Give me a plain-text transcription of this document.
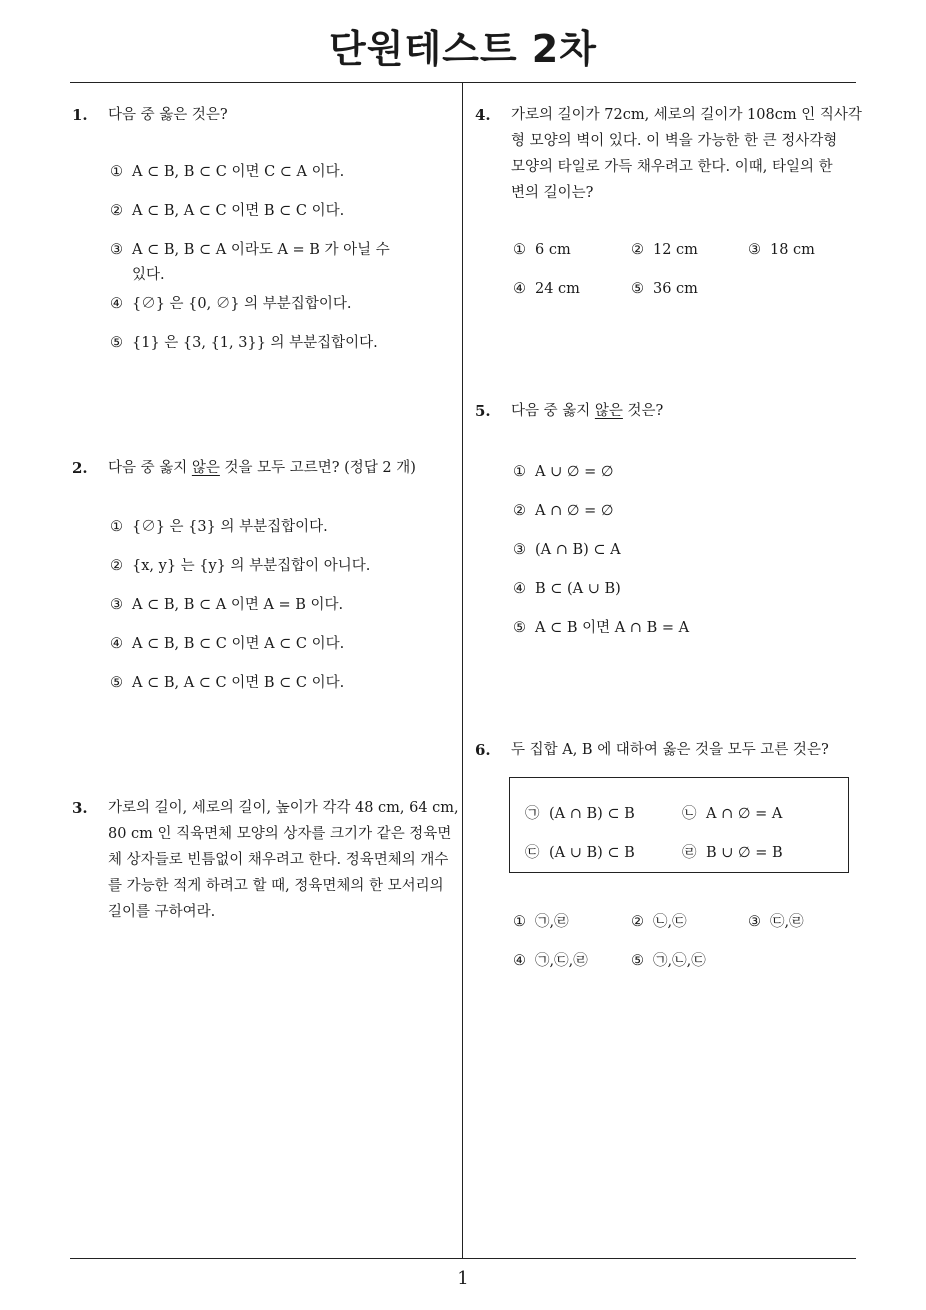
단원테스트 2차
1
1. 다음 중 옳은 것은?
① A ⊂ B, B ⊂ C 이면 C ⊂ A 이다.
② A ⊂ B, A ⊂ C 이면 B ⊂ C 이다.
③ A ⊂ B, B ⊂ A 이라도 A = B 가 아닐 수
있다.
④ {∅} 은 {0, ∅} 의 부분집합이다.
⑤ {1} 은 {3, {1, 3}} 의 부분집합이다.
2. 다음 중 옳지 않은 것을 모두 고르면? (정답 2 개)
① {∅} 은 {3} 의 부분집합이다.
② {x, y} 는 {y} 의 부분집합이 아니다.
③ A ⊂ B, B ⊂ A 이면 A = B 이다.
④ A ⊂ B, B ⊂ C 이면 A ⊂ C 이다.
⑤ A ⊂ B, A ⊂ C 이면 B ⊂ C 이다.
3. 가로의 길이, 세로의 길이, 높이가 각각 48 cm, 64 cm,
80 cm 인 직육면체 모양의 상자를 크기가 같은 정육면
체 상자들로 빈틈없이 채우려고 한다. 정육면체의 개수
를 가능한 적게 하려고 할 때, 정육면체의 한 모서리의
길이를 구하여라.
4. 가로의 길이가 72cm, 세로의 길이가 108cm 인 직사각
형 모양의 벽이 있다. 이 벽을 가능한 한 큰 정사각형
모양의 타일로 가득 채우려고 한다. 이때, 타일의 한
변의 길이는?
① 6 cm	② 12 cm	③ 18 cm
④ 24 cm	⑤ 36 cm
5. 다음 중 옳지 않은 것은?
① A ∪ ∅ = ∅
② A ∩ ∅ = ∅
③ (A ∩ B) ⊂ A
④ B ⊂ (A ∪ B)
⑤ A ⊂ B 이면 A ∩ B = A
6. 두 집합 A, B 에 대하여 옳은 것을 모두 고른 것은?
㉠ (A ∩ B) ⊂ B	㉡ A ∩ ∅ = A
㉢ (A ∪ B) ⊂ B	㉣ B ∪ ∅ = B
① ㉠,㉣	② ㉡,㉢	③ ㉢,㉣
④ ㉠,㉢,㉣	⑤ ㉠,㉡,㉢
